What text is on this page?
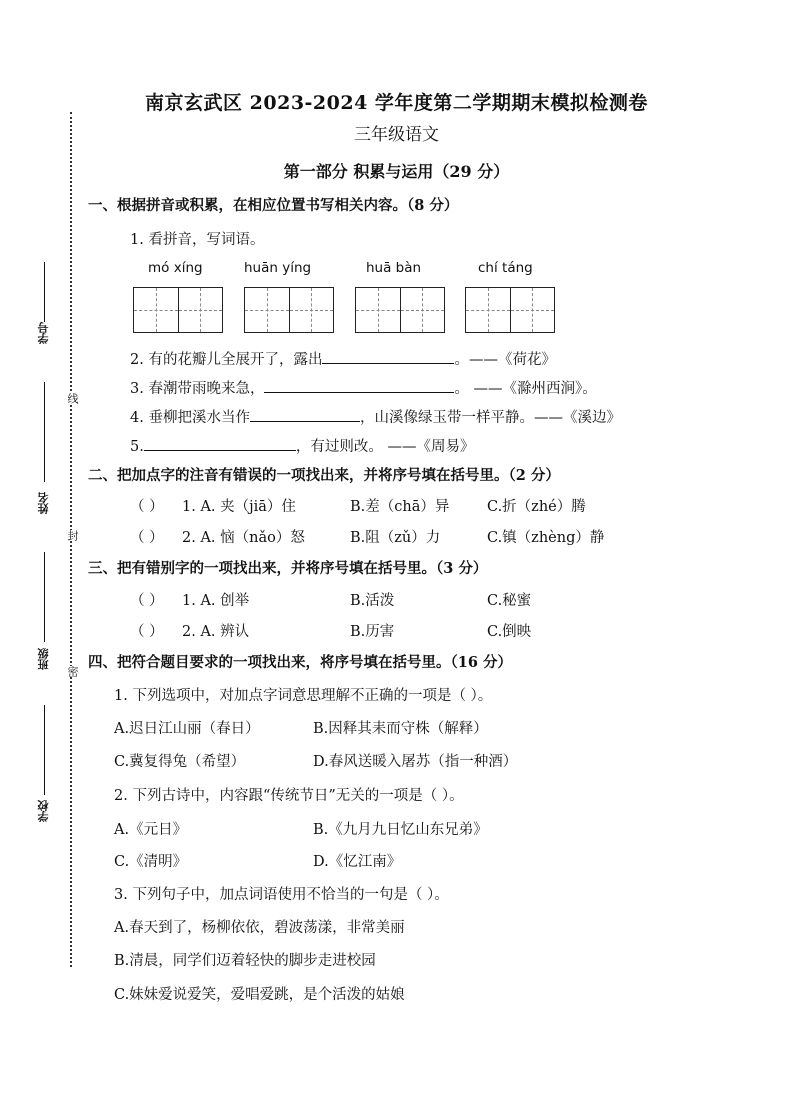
学号
姓名
班级
学校
线
封
密
南京玄武区 2023-2024 学年度第二学期期末模拟检测卷
三年级语文
第一部分 积累与运用（29 分）
一、根据拼音或积累，在相应位置书写相关内容。（8 分）
1. 看拼音，写词语。
mó xíng	huān yíng	huā bàn	chí táng
2. 有的花瓣儿全展开了，露出	。——《荷花》
3. 春潮带雨晚来急，	。 ——《滁州西涧》。
4. 垂柳把溪水当作	，山溪像绿玉带一样平静。——《溪边》
5.	，有过则改。 ——《周易》
二、把加点字的注音有错误的一项找出来，并将序号填在括号里。（2 分）
（ ） 1. A. 夹（jiā）住	B.差（chā）异	C.折（zhé）腾
（ ） 2. A. 恼（nǎo）怒	B.阻（zǔ）力	C.镇（zhèng）静
三、把有错别字的一项找出来，并将序号填在括号里。（3 分）
（ ） 1. A. 创举	B.活泼	C.秘蜜
（ ） 2. A. 辨认	B.历害	C.倒映
四、把符合题目要求的一项找出来，将序号填在括号里。（16 分）
1. 下列选项中，对加点字词意思理解不正确的一项是（ ）。
A.迟日江山丽（春日）	B.因释其耒而守株（解释）
C.冀复得兔（希望）	D.春风送暖入屠苏（指一种酒）
2. 下列古诗中，内容跟“传统节日”无关的一项是（ ）。
A.《元日》	B.《九月九日忆山东兄弟》
C.《清明》	D.《忆江南》
3. 下列句子中，加点词语使用不恰当的一句是（ ）。
A.春天到了，杨柳依依，碧波荡漾，非常美丽
B.清晨，同学们迈着轻快的脚步走进校园
C.妹妹爱说爱笑，爱唱爱跳，是个活泼的姑娘
